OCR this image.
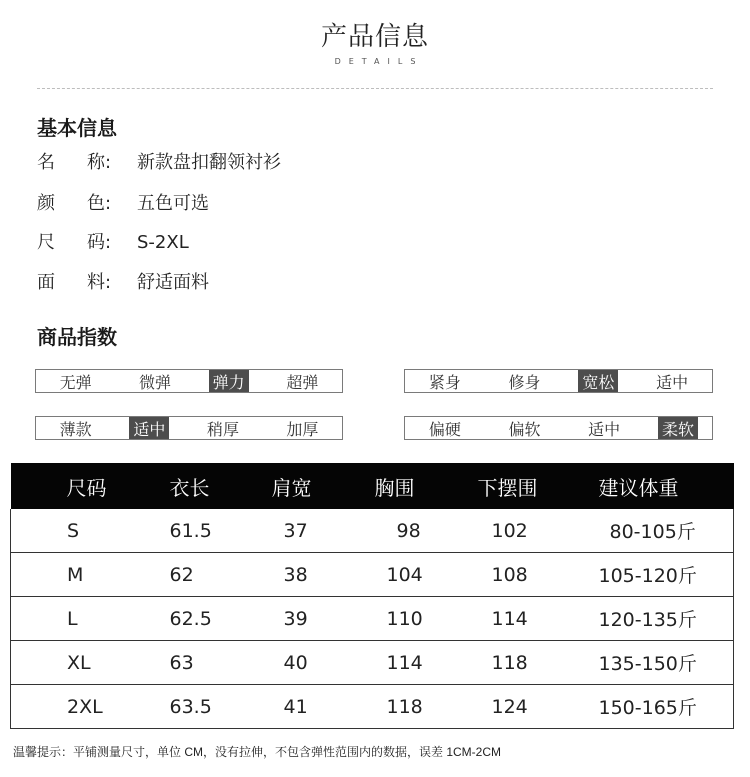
产品信息
DETAILS
基本信息
名 称: 新款盘扣翻领衬衫
颜 色: 五色可选
尺 码: S-2XL
面 料: 舒适面料
商品指数
无弹	微弹	弹力	超弹	紧身	修身	宽松	适中
薄款	适中	稍厚	加厚	偏硬	偏软	适中	柔软
尺码	衣长	肩宽	胸围	下摆围	建议体重
S	61.5	37	98	102	80-105斤
M	62	38	104	108	105-120斤
L	62.5	39	110	114	120-135斤
XL	63	40	114	118	135-150斤
2XL	63.5	41	118	124	150-165斤
温馨提示：平铺测量尺寸，单位 CM，没有拉伸，不包含弹性范围内的数据，误差 1CM-2CM
